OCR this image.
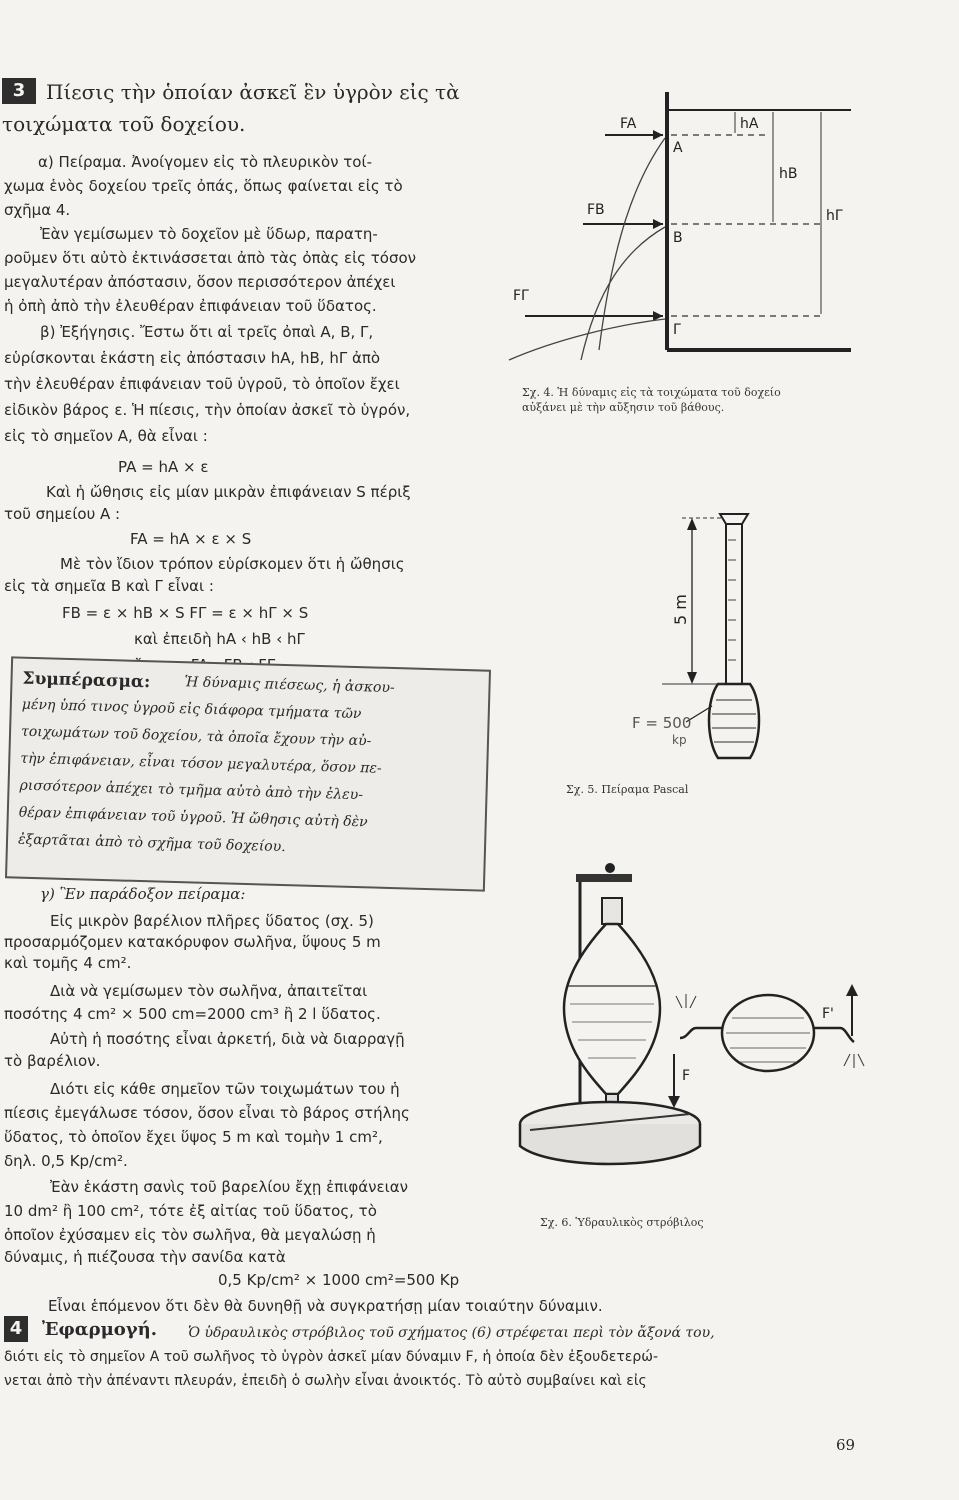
3	Πίεσις τὴν ὁποίαν ἀσκεῖ ἓν ὑγρὸν εἰς τὰ
τοιχώματα τοῦ δοχείου.
α) Πείραμα. Ἀνοίγομεν εἰς τὸ πλευρικὸν τοί-
χωμα ἑνὸς δοχείου τρεῖς ὀπάς, ὅπως φαίνεται εἰς τὸ
σχῆμα 4.
Ἐὰν γεμίσωμεν τὸ δοχεῖον μὲ ὕδωρ, παρατη-
ροῦμεν ὅτι αὐτὸ ἐκτινάσσεται ἀπὸ τὰς ὀπὰς εἰς τόσον
μεγαλυτέραν ἀπόστασιν, ὅσον περισσότερον ἀπέχει
ἡ ὀπὴ ἀπὸ τὴν ἐλευθέραν ἐπιφάνειαν τοῦ ὕδατος.
β) Ἐξήγησις. Ἔστω ὅτι αἱ τρεῖς ὀπαὶ Α, Β, Γ,
εὑρίσκονται ἑκάστη εἰς ἀπόστασιν hA, hB, hΓ ἀπὸ
τὴν ἐλευθέραν ἐπιφάνειαν τοῦ ὑγροῦ, τὸ ὁποῖον ἔχει
εἰδικὸν βάρος ε. Ἡ πίεσις, τὴν ὁποίαν ἀσκεῖ τὸ ὑγρόν,
εἰς τὸ σημεῖον Α, θὰ εἶναι :
PA = hA × ε
Καὶ ἡ ὤθησις εἰς μίαν μικρὰν ἐπιφάνειαν S πέριξ
τοῦ σημείου Α :
FA = hA × ε × S
Μὲ τὸν ἴδιον τρόπον εὑρίσκομεν ὅτι ἡ ὤθησις
εἰς τὰ σημεῖα Β καὶ Γ εἶναι :
FB = ε × hB × S FΓ = ε × hΓ × S
καὶ ἐπειδὴ hA ‹ hB ‹ hΓ
Συμπέρασμα: Ἡ δύναμις πιέσεως, ἡ ἀσκου-
μένη ὑπό τινος ὑγροῦ εἰς διάφορα τμήματα τῶν
τοιχωμάτων τοῦ δοχείου, τὰ ὁποῖα ἔχουν τὴν αὐ-
τὴν ἐπιφάνειαν, εἶναι τόσον μεγαλυτέρα, ὅσον πε-
ρισσότερον ἀπέχει τὸ τμῆμα αὐτὸ ἀπὸ τὴν ἐλευ-
θέραν ἐπιφάνειαν τοῦ ὑγροῦ. Ἡ ὤθησις αὐτὴ δὲν
ἐξαρτᾶται ἀπὸ τὸ σχῆμα τοῦ δοχείου.
γ) Ἓν παράδοξον πείραμα:
Εἰς μικρὸν βαρέλιον πλῆρες ὕδατος (σχ. 5)
προσαρμόζομεν κατακόρυφον σωλῆνα, ὕψους 5 m
καὶ τομῆς 4 cm².
Διὰ νὰ γεμίσωμεν τὸν σωλῆνα, ἀπαιτεῖται
ποσότης 4 cm² × 500 cm=2000 cm³ ἢ 2 l ὕδατος.
Αὐτὴ ἡ ποσότης εἶναι ἀρκετή, διὰ νὰ διαρραγῇ
τὸ βαρέλιον.
Διότι εἰς κάθε σημεῖον τῶν τοιχωμάτων του ἡ
πίεσις ἐμεγάλωσε τόσον, ὅσον εἶναι τὸ βάρος στήλης
ὕδατος, τὸ ὁποῖον ἔχει ὕψος 5 m καὶ τομὴν 1 cm²,
δηλ. 0,5 Kp/cm².
Ἐὰν ἑκάστη σανὶς τοῦ βαρελίου ἔχῃ ἐπιφάνειαν
10 dm² ἢ 100 cm², τότε ἐξ αἰτίας τοῦ ὕδατος, τὸ
ὁποῖον ἐχύσαμεν εἰς τὸν σωλῆνα, θὰ μεγαλώσῃ ἡ
δύναμις, ἡ πιέζουσα τὴν σανίδα κατὰ
0,5 Kp/cm² × 1000 cm²=500 Kp
Εἶναι ἑπόμενον ὅτι δὲν θὰ δυνηθῇ νὰ συγκρατήσῃ μίαν τοιαύτην δύναμιν.
4	Ἐφαρμογή. Ὁ ὑδραυλικὸς στρόβιλος τοῦ σχήματος (6) στρέφεται περὶ τὸν ἄξονά του,
διότι εἰς τὸ σημεῖον Α τοῦ σωλῆνος τὸ ὑγρὸν ἀσκεῖ μίαν δύναμιν F, ἡ ὁποία δὲν ἐξουδετερώ-
νεται ἀπὸ τὴν ἀπέναντι πλευράν, ἐπειδὴ ὁ σωλὴν εἶναι ἀνοικτός. Τὸ αὐτὸ συμβαίνει καὶ εἰς
FA
A
hA
hB
hΓ
FB
B
FΓ
Γ
Σχ. 4. Ἡ δύναμις εἰς τὰ τοιχώματα τοῦ δοχείο
αὐξάνει μὲ τὴν αὔξησιν τοῦ βάθους.
5 m
F = 500
kp
Σχ. 5. Πείραμα Pascal
F
F'
Σχ. 6. Ὑδραυλικὸς στρόβιλος
69
